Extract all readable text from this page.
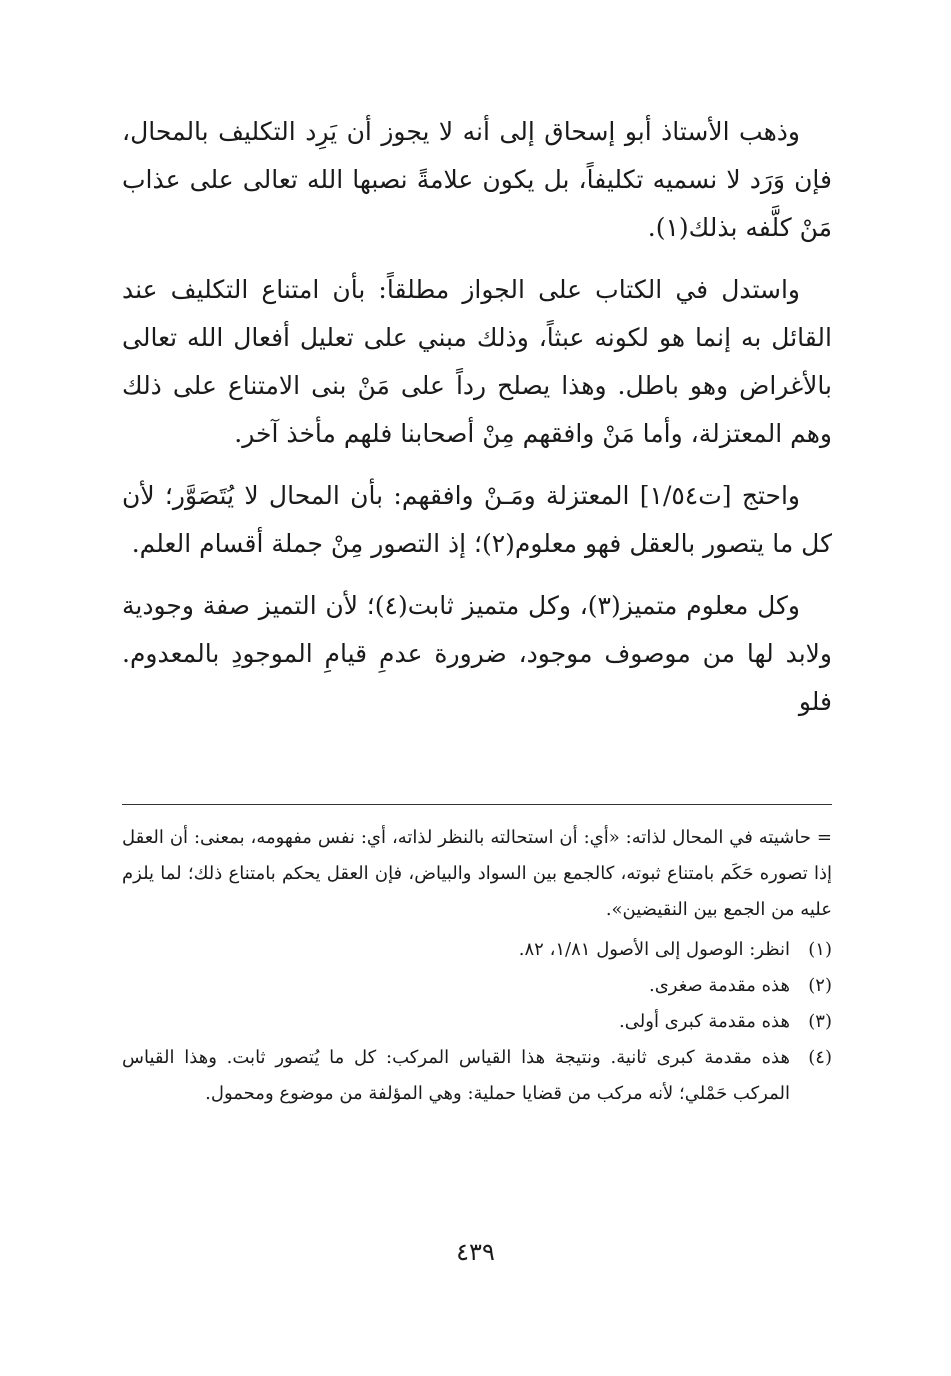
وذهب الأستاذ أبو إسحاق إلى أنه لا يجوز أن يَرِد التكليف بالمحال، فإن وَرَد لا نسميه تكليفاً، بل يكون علامةً نصبها الله تعالى على عذاب مَنْ كلَّفه بذلك(١).

واستدل في الكتاب على الجواز مطلقاً: بأن امتناع التكليف عند القائل به إنما هو لكونه عبثاً، وذلك مبني على تعليل أفعال الله تعالى بالأغراض وهو باطل. وهذا يصلح رداً على مَنْ بنى الامتناع على ذلك وهم المعتزلة، وأما مَنْ وافقهم مِنْ أصحابنا فلهم مأخذ آخر.

واحتج [ت١/٥٤] المعتزلة ومَـنْ وافقهم: بأن المحال لا يُتَصَوَّر؛ لأن كل ما يتصور بالعقل فهو معلوم(٢)؛ إذ التصور مِنْ جملة أقسام العلم.

وكل معلوم متميز(٣)، وكل متميز ثابت(٤)؛ لأن التميز صفة وجودية ولابد لها من موصوف موجود، ضرورة عدمِ قيامِ الموجودِ بالمعدوم. فلو

= حاشيته في المحال لذاته: «أي: أن استحالته بالنظر لذاته، أي: نفس مفهومه، بمعنى: أن العقل إذا تصوره حَكَم بامتناع ثبوته، كالجمع بين السواد والبياض، فإن العقل يحكم بامتناع ذلك؛ لما يلزم عليه من الجمع بين النقيضين».

(١)
انظر: الوصول إلى الأصول ١/٨١، ٨٢.
(٢)
هذه مقدمة صغرى.
(٣)
هذه مقدمة كبرى أولى.
(٤)
هذه مقدمة كبرى ثانية. ونتيجة هذا القياس المركب: كل ما يُتصور ثابت. وهذا القياس المركب حَمْلي؛ لأنه مركب من قضايا حملية: وهي المؤلفة من موضوع ومحمول.
٤٣٩
